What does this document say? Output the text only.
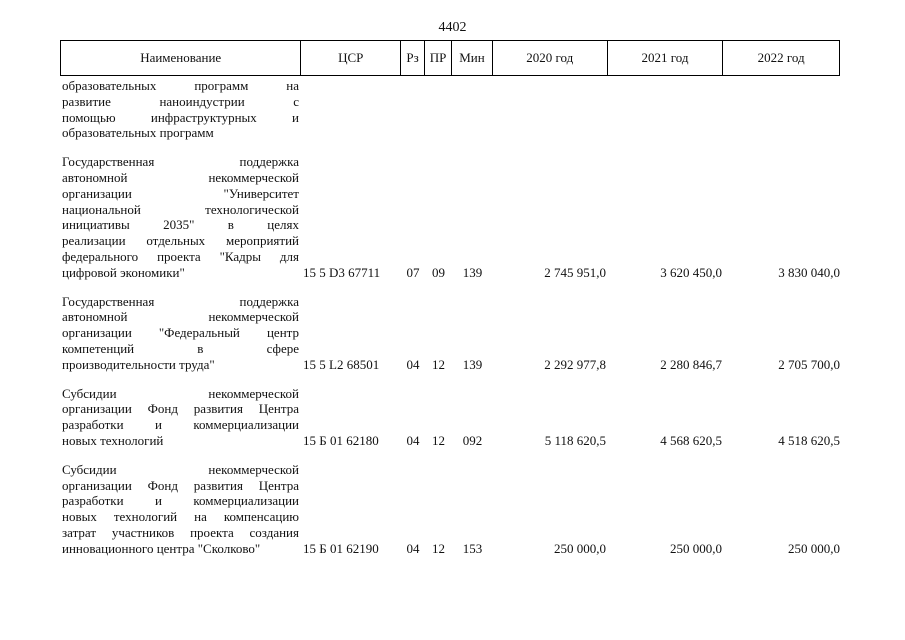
4402
Наименование	ЦСР	Рз ПР Мин	2020 год	2021 год	2022 год
образовательных программ на
развитие наноиндустрии с
помощью инфраструктурных и
образовательных программ
Государственная поддержка
автономной некоммерческой
организации "Университет
национальной технологической
инициативы 2035" в целях
реализации отдельных мероприятий
федерального проекта "Кадры для
цифровой экономики"	15 5 D3 67711	07 09	139	2 745 951,0	3 620 450,0	3 830 040,0
Государственная поддержка
автономной некоммерческой
организации "Федеральный центр
компетенций в сфере
производительности труда"	15 5 L2 68501	04 12	139	2 292 977,8	2 280 846,7	2 705 700,0
Субсидии некоммерческой
организации Фонд развития Центра
разработки и коммерциализации
новых технологий	15 Б 01 62180	04 12	092	5 118 620,5	4 568 620,5	4 518 620,5
Субсидии некоммерческой
организации Фонд развития Центра
разработки и коммерциализации
новых технологий на компенсацию
затрат участников проекта создания
инновационного центра "Сколково"	15 Б 01 62190	04 12	153	250 000,0	250 000,0	250 000,0
